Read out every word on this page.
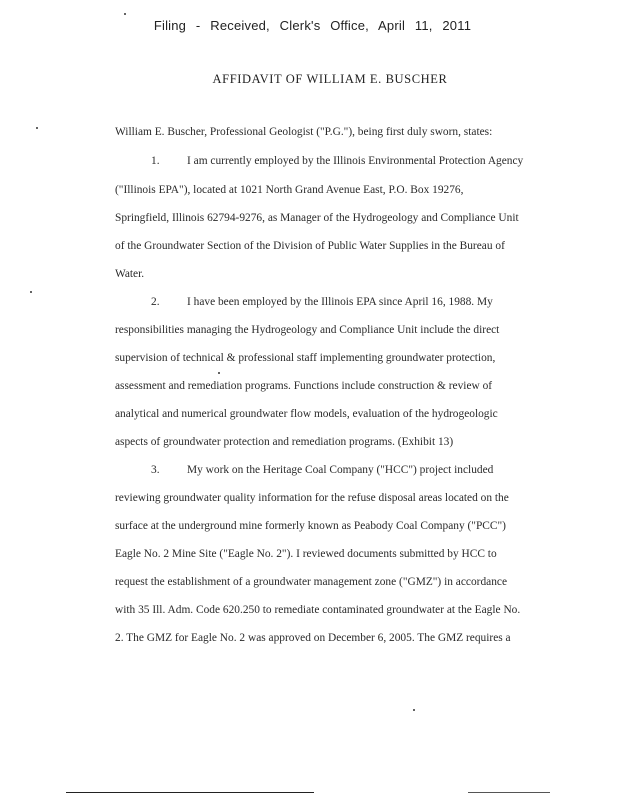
Filing - Received, Clerk's Office, April 11, 2011
AFFIDAVIT OF WILLIAM E. BUSCHER
William E. Buscher, Professional Geologist ("P.G."), being first duly sworn, states:
1. I am currently employed by the Illinois Environmental Protection Agency
("Illinois EPA"), located at 1021 North Grand Avenue East, P.O. Box 19276,
Springfield, Illinois 62794-9276, as Manager of the Hydrogeology and Compliance Unit
of the Groundwater Section of the Division of Public Water Supplies in the Bureau of
Water.
2. I have been employed by the Illinois EPA since April 16, 1988. My
responsibilities managing the Hydrogeology and Compliance Unit include the direct
supervision of technical & professional staff implementing groundwater protection,
assessment and remediation programs. Functions include construction & review of
analytical and numerical groundwater flow models, evaluation of the hydrogeologic
aspects of groundwater protection and remediation programs. (Exhibit 13)
3. My work on the Heritage Coal Company ("HCC") project included
reviewing groundwater quality information for the refuse disposal areas located on the
surface at the underground mine formerly known as Peabody Coal Company ("PCC")
Eagle No. 2 Mine Site ("Eagle No. 2"). I reviewed documents submitted by HCC to
request the establishment of a groundwater management zone ("GMZ") in accordance
with 35 Ill. Adm. Code 620.250 to remediate contaminated groundwater at the Eagle No.
2. The GMZ for Eagle No. 2 was approved on December 6, 2005. The GMZ requires a
